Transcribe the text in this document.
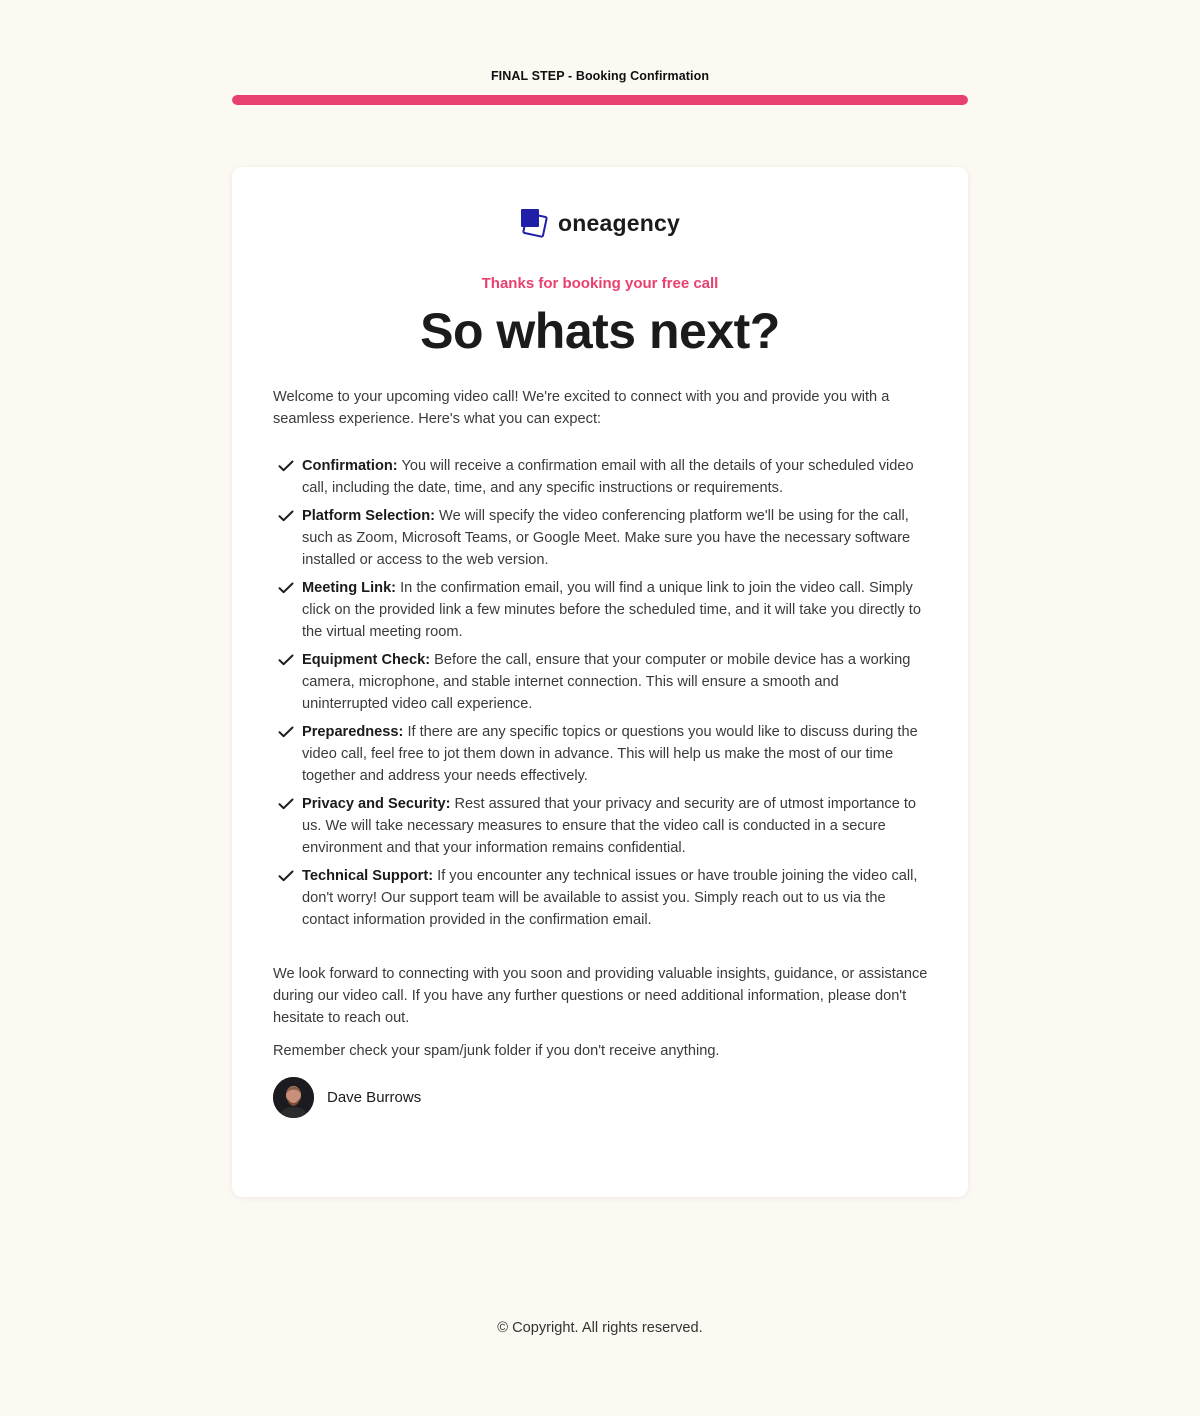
FINAL STEP - Booking Confirmation
oneagency
Thanks for booking your free call
So whats next?

Welcome to your upcoming video call! We're excited to connect with you and provide you with a seamless experience. Here's what you can expect:

Confirmation: You will receive a confirmation email with all the details of your scheduled video call, including the date, time, and any specific instructions or requirements.
Platform Selection: We will specify the video conferencing platform we'll be using for the call, such as Zoom, Microsoft Teams, or Google Meet. Make sure you have the necessary software installed or access to the web version.
Meeting Link: In the confirmation email, you will find a unique link to join the video call. Simply click on the provided link a few minutes before the scheduled time, and it will take you directly to the virtual meeting room.
Equipment Check: Before the call, ensure that your computer or mobile device has a working camera, microphone, and stable internet connection. This will ensure a smooth and uninterrupted video call experience.
Preparedness: If there are any specific topics or questions you would like to discuss during the video call, feel free to jot them down in advance. This will help us make the most of our time together and address your needs effectively.
Privacy and Security: Rest assured that your privacy and security are of utmost importance to us. We will take necessary measures to ensure that the video call is conducted in a secure environment and that your information remains confidential.
Technical Support: If you encounter any technical issues or have trouble joining the video call, don't worry! Our support team will be available to assist you. Simply reach out to us via the contact information provided in the confirmation email.

We look forward to connecting with you soon and providing valuable insights, guidance, or assistance during our video call. If you have any further questions or need additional information, please don't hesitate to reach out.

Remember check your spam/junk folder if you don't receive anything.

Dave Burrows
© Copyright. All rights reserved.
